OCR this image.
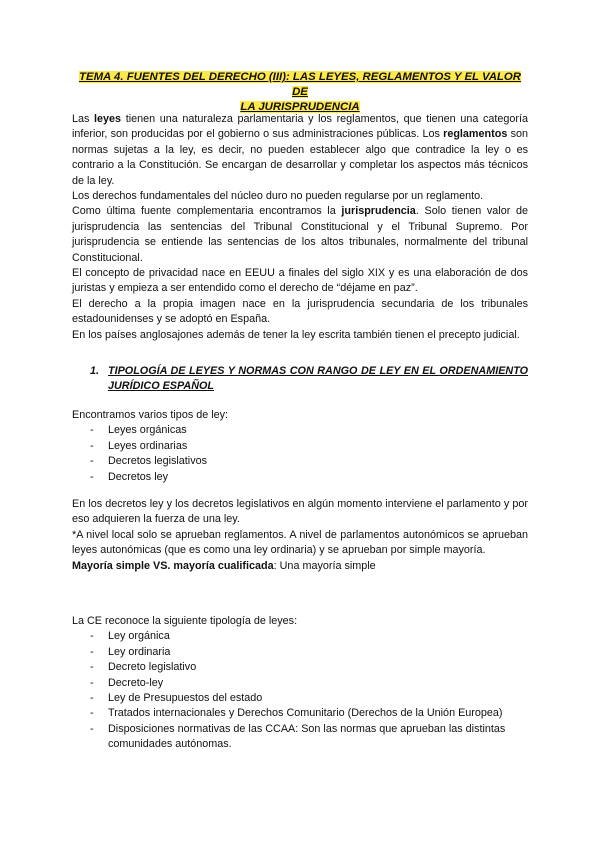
TEMA 4. FUENTES DEL DERECHO (III): LAS LEYES, REGLAMENTOS Y EL VALOR DE
LA JURISPRUDENCIA

Las leyes tienen una naturaleza parlamentaria y los reglamentos, que tienen una categoría inferior, son producidas por el gobierno o sus administraciones públicas. Los reglamentos son normas sujetas a la ley, es decir, no pueden establecer algo que contradice la ley o es contrario a la Constitución. Se encargan de desarrollar y completar los aspectos más técnicos de la ley.

Los derechos fundamentales del núcleo duro no pueden regularse por un reglamento.

Como última fuente complementaria encontramos la jurisprudencia. Solo tienen valor de jurisprudencia las sentencias del Tribunal Constitucional y el Tribunal Supremo. Por jurisprudencia se entiende las sentencias de los altos tribunales, normalmente del tribunal Constitucional.

El concepto de privacidad nace en EEUU a finales del siglo XIX y es una elaboración de dos juristas y empieza a ser entendido como el derecho de “déjame en paz”.

El derecho a la propia imagen nace en la jurisprudencia secundaria de los tribunales estadounidenses y se adoptó en España.

En los países anglosajones además de tener la ley escrita también tienen el precepto judicial.

1. TIPOLOGÍA DE LEYES Y NORMAS CON RANGO DE LEY EN EL ORDENAMIENTO JURÍDICO ESPAÑOL

Encontramos varios tipos de ley:

-	Leyes orgánicas
-	Leyes ordinarias
-	Decretos legislativos
-	Decretos ley

En los decretos ley y los decretos legislativos en algún momento interviene el parlamento y por eso adquieren la fuerza de una ley.

*A nivel local solo se aprueban reglamentos. A nivel de parlamentos autonómicos se aprueban leyes autonómicas (que es como una ley ordinaria) y se aprueban por simple mayoría.

Mayoría simple VS. mayoría cualificada: Una mayoría simple

La CE reconoce la siguiente tipología de leyes:

-	Ley orgánica
-	Ley ordinaria
-	Decreto legislativo
-	Decreto-ley
-	Ley de Presupuestos del estado
-	Tratados internacionales y Derechos Comunitario (Derechos de la Unión Europea)
-	Disposiciones normativas de las CCAA: Son las normas que aprueban las distintas comunidades autónomas.
